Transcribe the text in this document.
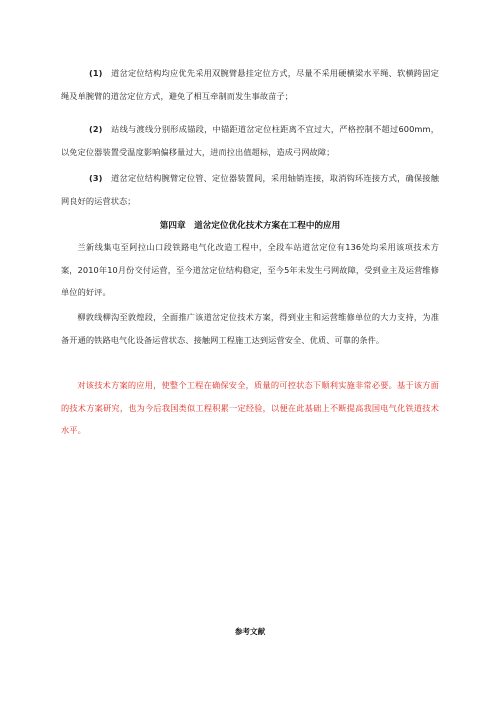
(1) 道岔定位结构均应优先采用双腕臂悬挂定位方式，尽量不采用硬横梁水平绳、软横跨固定绳及单腕臂的道岔定位方式，避免了相互牵制而发生事故苗子；

(2) 站线与渡线分别形成锚段，中锚距道岔定位柱距离不宜过大，严格控制不超过600mm，以免定位器装置受温度影响偏移量过大，进而拉出值超标，造成弓网故障；

(3) 道岔定位结构腕臂定位管、定位器装置间，采用轴销连接，取消钩环连接方式，确保接触网良好的运营状态；

第四章　道岔定位优化技术方案在工程中的应用

兰新线集屯至阿拉山口段铁路电气化改造工程中，全段车站道岔定位有136处均采用该项技术方案，2010年10月份交付运营，至今道岔定位结构稳定，至今5年未发生弓网故障，受到业主及运营维修单位的好评。

柳敦线柳沟至敦煌段，全面推广该道岔定位技术方案，得到业主和运营维修单位的大力支持，为准备开通的铁路电气化设备运营状态、接触网工程施工达到运营安全、优质、可靠的条件。

对该技术方案的应用，使整个工程在确保安全，质量的可控状态下顺利实施非常必要。基于该方面的技术方案研究，也为今后我国类似工程积累一定经验，以便在此基础上不断提高我国电气化铁道技术水平。

参考文献
